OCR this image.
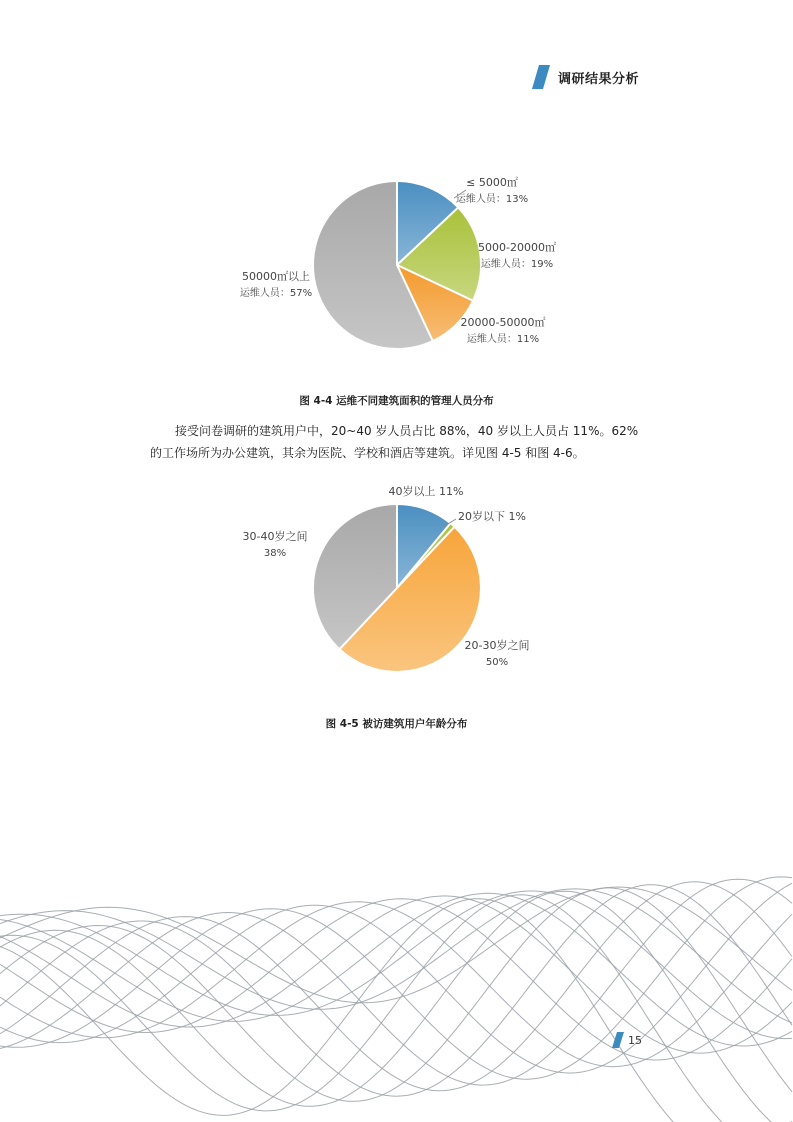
调研结果分析
≤ 5000㎡
运维人员：13%
5000-20000㎡
运维人员：19%
20000-50000㎡
运维人员：11%
50000㎡以上
运维人员：57%
图 4-4 运维不同建筑面积的管理人员分布
接受问卷调研的建筑用户中，20~40 岁人员占比 88%，40 岁以上人员占 11%。62%
的工作场所为办公建筑，其余为医院、学校和酒店等建筑。详见图 4-5 和图 4-6。
40岁以上 11%
20岁以下 1%
20-30岁之间
50%
30-40岁之间
38%
图 4-5 被访建筑用户年龄分布
15
